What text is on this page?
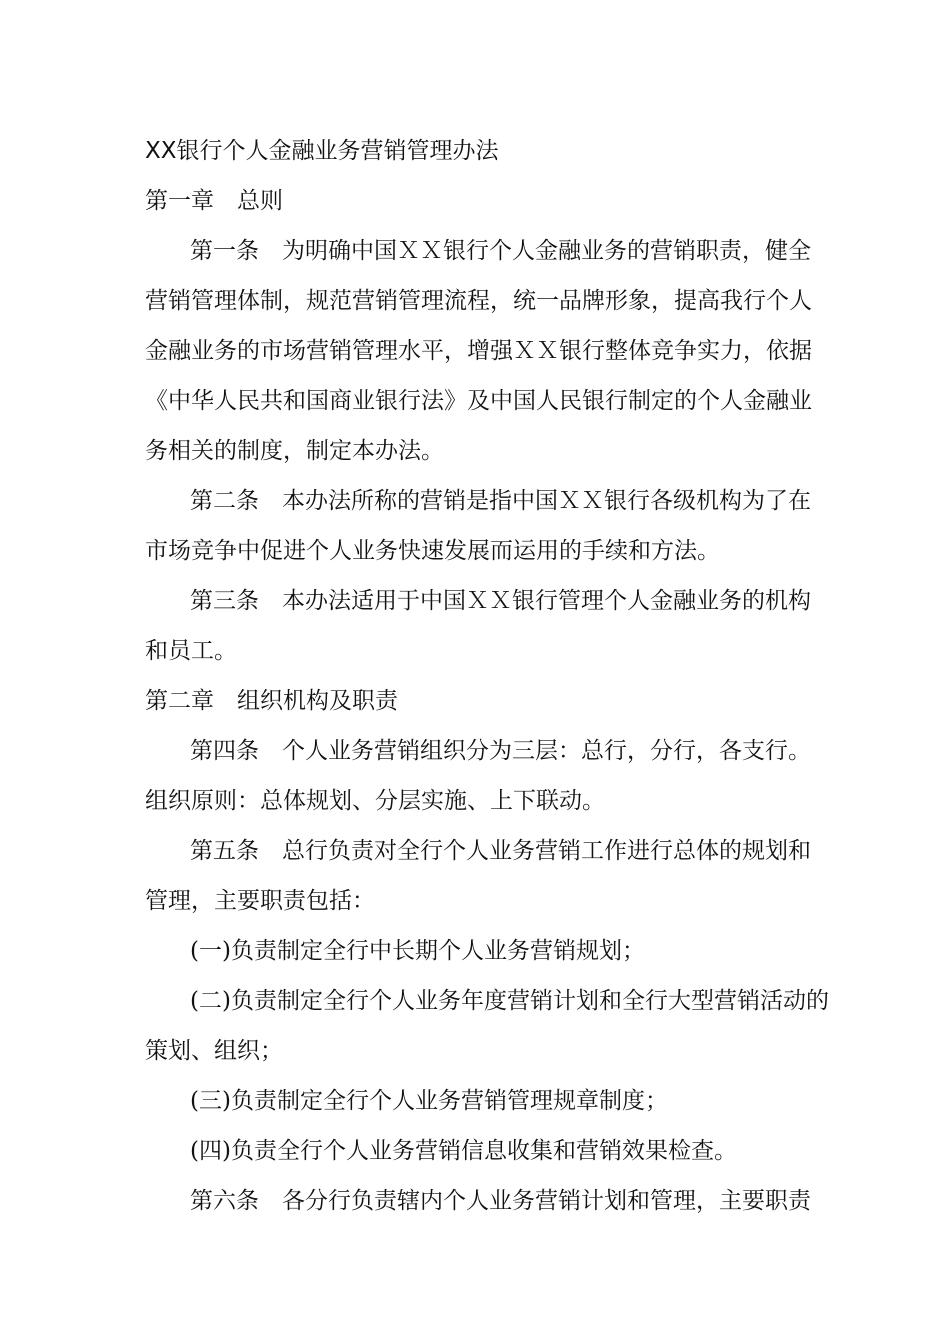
XX银行个人金融业务营销管理办法
第一章　总则
第一条　为明确中国ＸＸ银行个人金融业务的营销职责，健全
营销管理体制，规范营销管理流程，统一品牌形象，提高我行个人
金融业务的市场营销管理水平，增强ＸＸ银行整体竞争实力，依据
《中华人民共和国商业银行法》及中国人民银行制定的个人金融业
务相关的制度，制定本办法。
第二条　本办法所称的营销是指中国ＸＸ银行各级机构为了在
市场竞争中促进个人业务快速发展而运用的手续和方法。
第三条　本办法适用于中国ＸＸ银行管理个人金融业务的机构
和员工。
第二章　组织机构及职责
第四条　个人业务营销组织分为三层：总行，分行，各支行。
组织原则：总体规划、分层实施、上下联动。
第五条　总行负责对全行个人业务营销工作进行总体的规划和
管理，主要职责包括：
(一)负责制定全行中长期个人业务营销规划；
(二)负责制定全行个人业务年度营销计划和全行大型营销活动的
策划、组织；
(三)负责制定全行个人业务营销管理规章制度；
(四)负责全行个人业务营销信息收集和营销效果检查。
第六条　各分行负责辖内个人业务营销计划和管理，主要职责
